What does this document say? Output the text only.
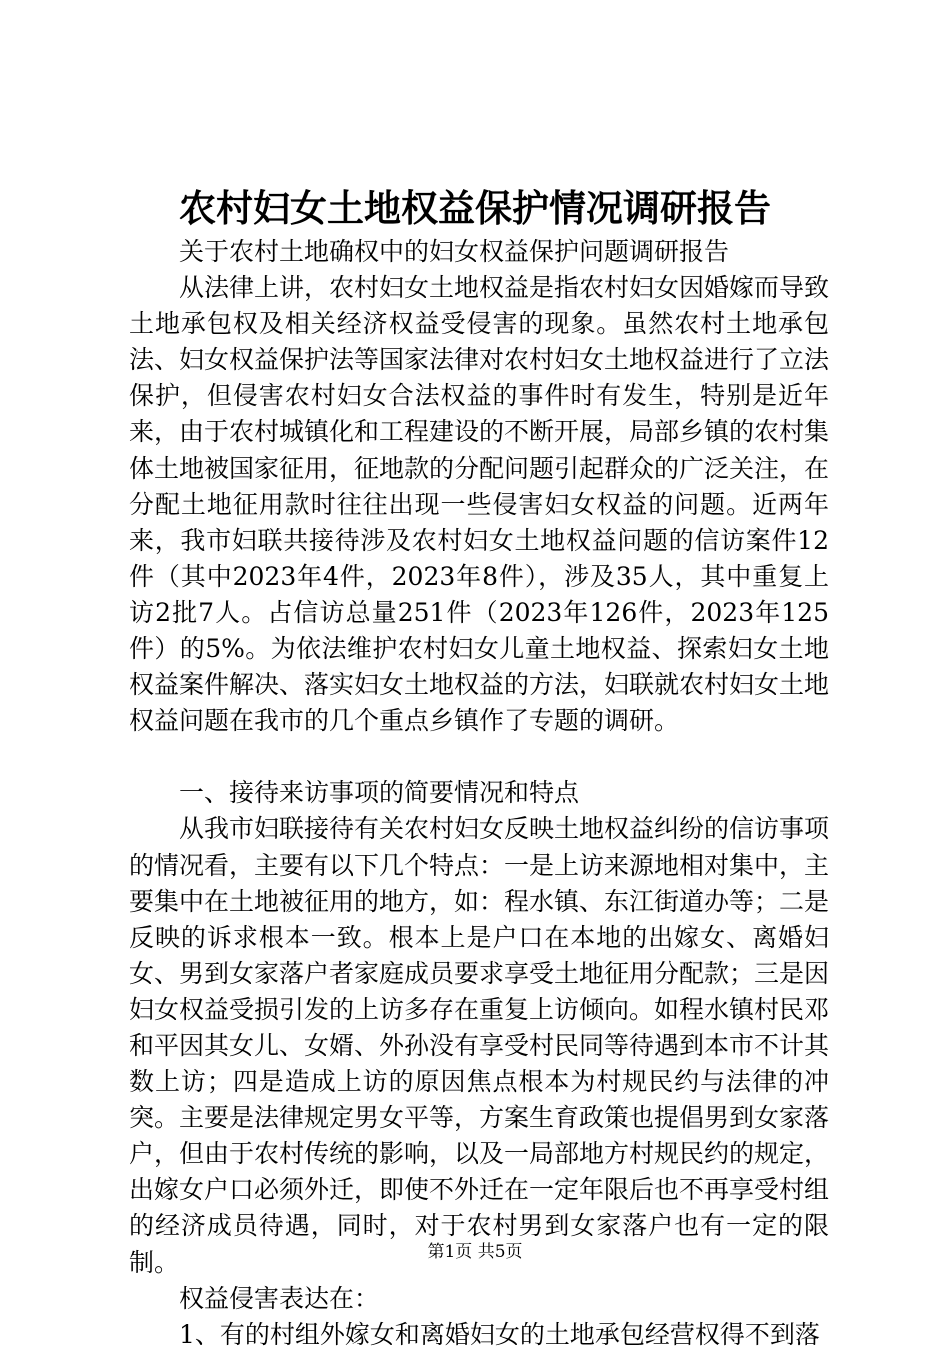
农村妇女土地权益保护情况调研报告

关于农村土地确权中的妇女权益保护问题调研报告

从法律上讲，农村妇女土地权益是指农村妇女因婚嫁而导致土地承包权及相关经济权益受侵害的现象。虽然农村土地承包法、妇女权益保护法等国家法律对农村妇女土地权益进行了立法保护，但侵害农村妇女合法权益的事件时有发生，特别是近年来，由于农村城镇化和工程建设的不断开展，局部乡镇的农村集体土地被国家征用，征地款的分配问题引起群众的广泛关注，在分配土地征用款时往往出现一些侵害妇女权益的问题。近两年来，我市妇联共接待涉及农村妇女土地权益问题的信访案件12件（其中2023年4件，2023年8件），涉及35人，其中重复上访2批7人。占信访总量251件（2023年126件，2023年125件）的5%。为依法维护农村妇女儿童土地权益、探索妇女土地权益案件解决、落实妇女土地权益的方法，妇联就农村妇女土地权益问题在我市的几个重点乡镇作了专题的调研。

一、接待来访事项的简要情况和特点

从我市妇联接待有关农村妇女反映土地权益纠纷的信访事项的情况看，主要有以下几个特点：一是上访来源地相对集中，主要集中在土地被征用的地方，如：程水镇、东江街道办等；二是反映的诉求根本一致。根本上是户口在本地的出嫁女、离婚妇女、男到女家落户者家庭成员要求享受土地征用分配款；三是因妇女权益受损引发的上访多存在重复上访倾向。如程水镇村民邓和平因其女儿、女婿、外孙没有享受村民同等待遇到本市不计其数上访；四是造成上访的原因焦点根本为村规民约与法律的冲突。主要是法律规定男女平等，方案生育政策也提倡男到女家落户，但由于农村传统的影响，以及一局部地方村规民约的规定，出嫁女户口必须外迁，即使不外迁在一定年限后也不再享受村组的经济成员待遇，同时，对于农村男到女家落户也有一定的限制。

权益侵害表达在：

1、有的村组外嫁女和离婚妇女的土地承包经营权得不到落

第1页 共5页
